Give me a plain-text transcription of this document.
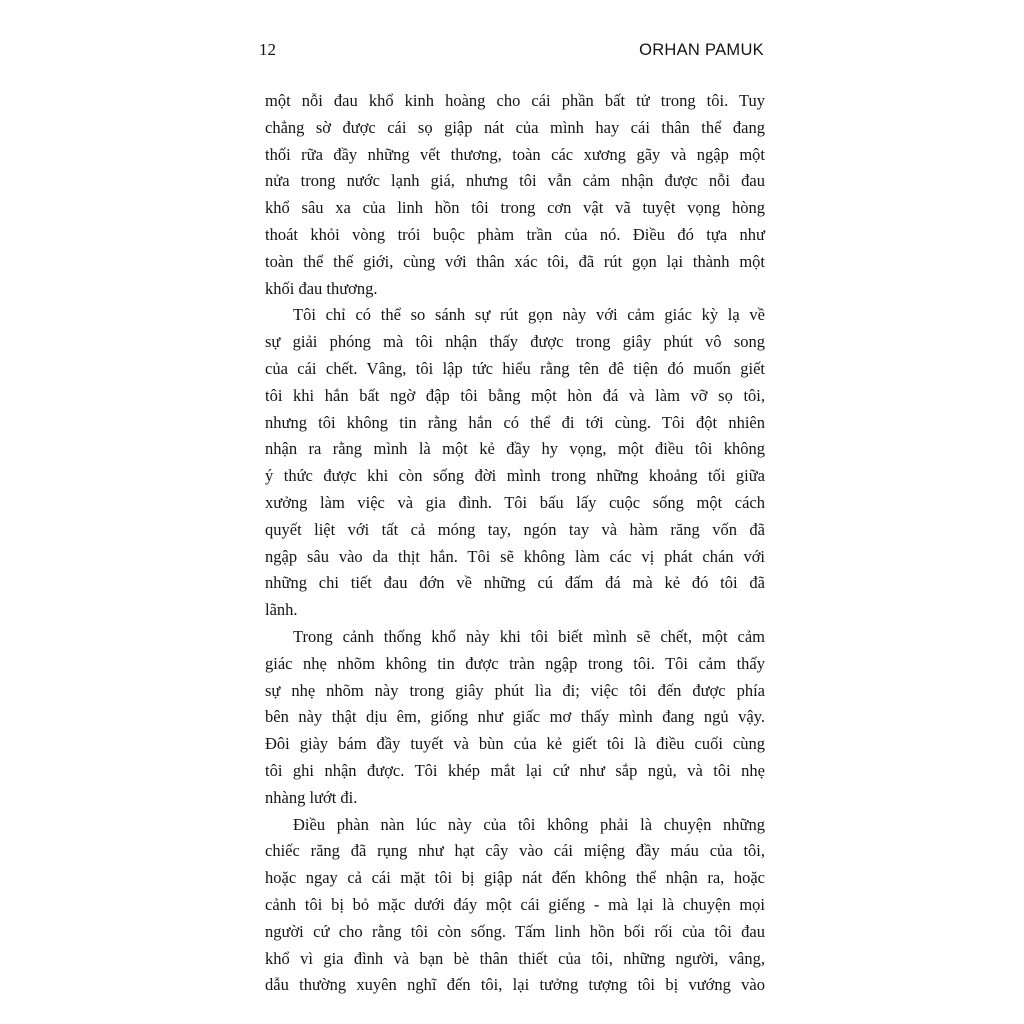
12	ORHAN PAMUK
một nỗi đau khổ kinh hoàng cho cái phần bất tử trong tôi. Tuy
chẳng sờ được cái sọ giập nát của mình hay cái thân thể đang
thối rữa đầy những vết thương, toàn các xương gãy và ngập một
nửa trong nước lạnh giá, nhưng tôi vẫn cảm nhận được nỗi đau
khổ sâu xa của linh hồn tôi trong cơn vật vã tuyệt vọng hòng
thoát khỏi vòng trói buộc phàm trần của nó. Điều đó tựa như
toàn thể thế giới, cùng với thân xác tôi, đã rút gọn lại thành một
khối đau thương.
Tôi chỉ có thể so sánh sự rút gọn này với cảm giác kỳ lạ về
sự giải phóng mà tôi nhận thấy được trong giây phút vô song
của cái chết. Vâng, tôi lập tức hiểu rằng tên đê tiện đó muốn giết
tôi khi hắn bất ngờ đập tôi bằng một hòn đá và làm vỡ sọ tôi,
nhưng tôi không tin rằng hắn có thể đi tới cùng. Tôi đột nhiên
nhận ra rằng mình là một kẻ đầy hy vọng, một điều tôi không
ý thức được khi còn sống đời mình trong những khoảng tối giữa
xưởng làm việc và gia đình. Tôi bấu lấy cuộc sống một cách
quyết liệt với tất cả móng tay, ngón tay và hàm răng vốn đã
ngập sâu vào da thịt hắn. Tôi sẽ không làm các vị phát chán với
những chi tiết đau đớn về những cú đấm đá mà kẻ đó tôi đã
lãnh.
Trong cảnh thống khổ này khi tôi biết mình sẽ chết, một cảm
giác nhẹ nhõm không tin được tràn ngập trong tôi. Tôi cảm thấy
sự nhẹ nhõm này trong giây phút lìa đi; việc tôi đến được phía
bên này thật dịu êm, giống như giấc mơ thấy mình đang ngủ vậy.
Đôi giày bám đầy tuyết và bùn của kẻ giết tôi là điều cuối cùng
tôi ghi nhận được. Tôi khép mắt lại cứ như sắp ngủ, và tôi nhẹ
nhàng lướt đi.
Điều phàn nàn lúc này của tôi không phải là chuyện những
chiếc răng đã rụng như hạt cây vào cái miệng đầy máu của tôi,
hoặc ngay cả cái mặt tôi bị giập nát đến không thể nhận ra, hoặc
cảnh tôi bị bỏ mặc dưới đáy một cái giếng - mà lại là chuyện mọi
người cứ cho rằng tôi còn sống. Tấm linh hồn bối rối của tôi đau
khổ vì gia đình và bạn bè thân thiết của tôi, những người, vâng,
dẫu thường xuyên nghĩ đến tôi, lại tưởng tượng tôi bị vướng vào
